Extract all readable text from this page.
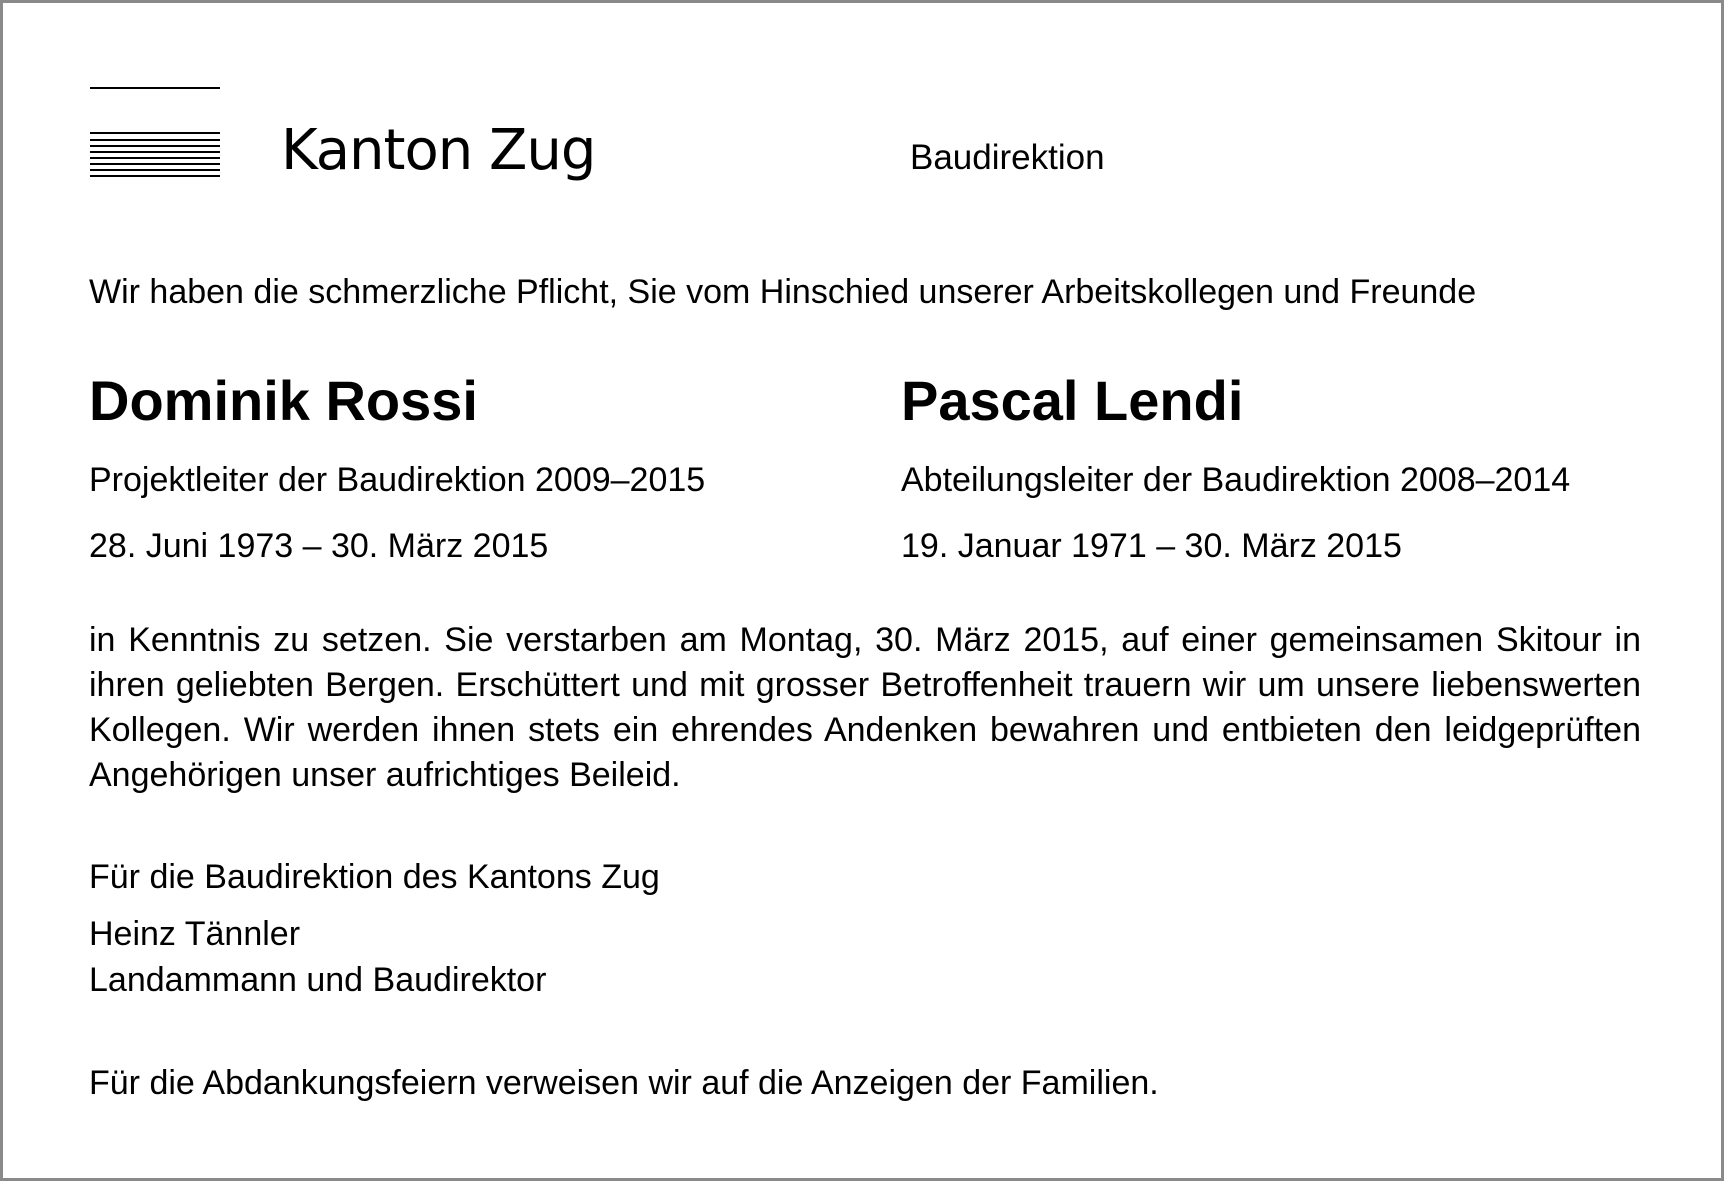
Kanton Zug	Baudirektion
Wir haben die schmerzliche Pflicht, Sie vom Hinschied unserer Arbeitskollegen und Freunde
Dominik Rossi
Projektleiter der Baudirektion 2009–2015
28. Juni 1973 – 30. März 2015
Pascal Lendi
Abteilungsleiter der Baudirektion 2008–2014
19. Januar 1971 – 30. März 2015

in Kenntnis zu setzen. Sie verstarben am Montag, 30. März 2015, auf einer gemeinsamen Skitour in ihren geliebten Bergen. Erschüttert und mit grosser Betroffenheit trauern wir um unsere liebenswerten Kollegen. Wir werden ihnen stets ein ehrendes Andenken bewahren und entbieten den leidgeprüften Angehörigen unser aufrichtiges Beileid.

Für die Baudirektion des Kantons Zug
Heinz Tännler
Landammann und Baudirektor
Für die Abdankungsfeiern verweisen wir auf die Anzeigen der Familien.
